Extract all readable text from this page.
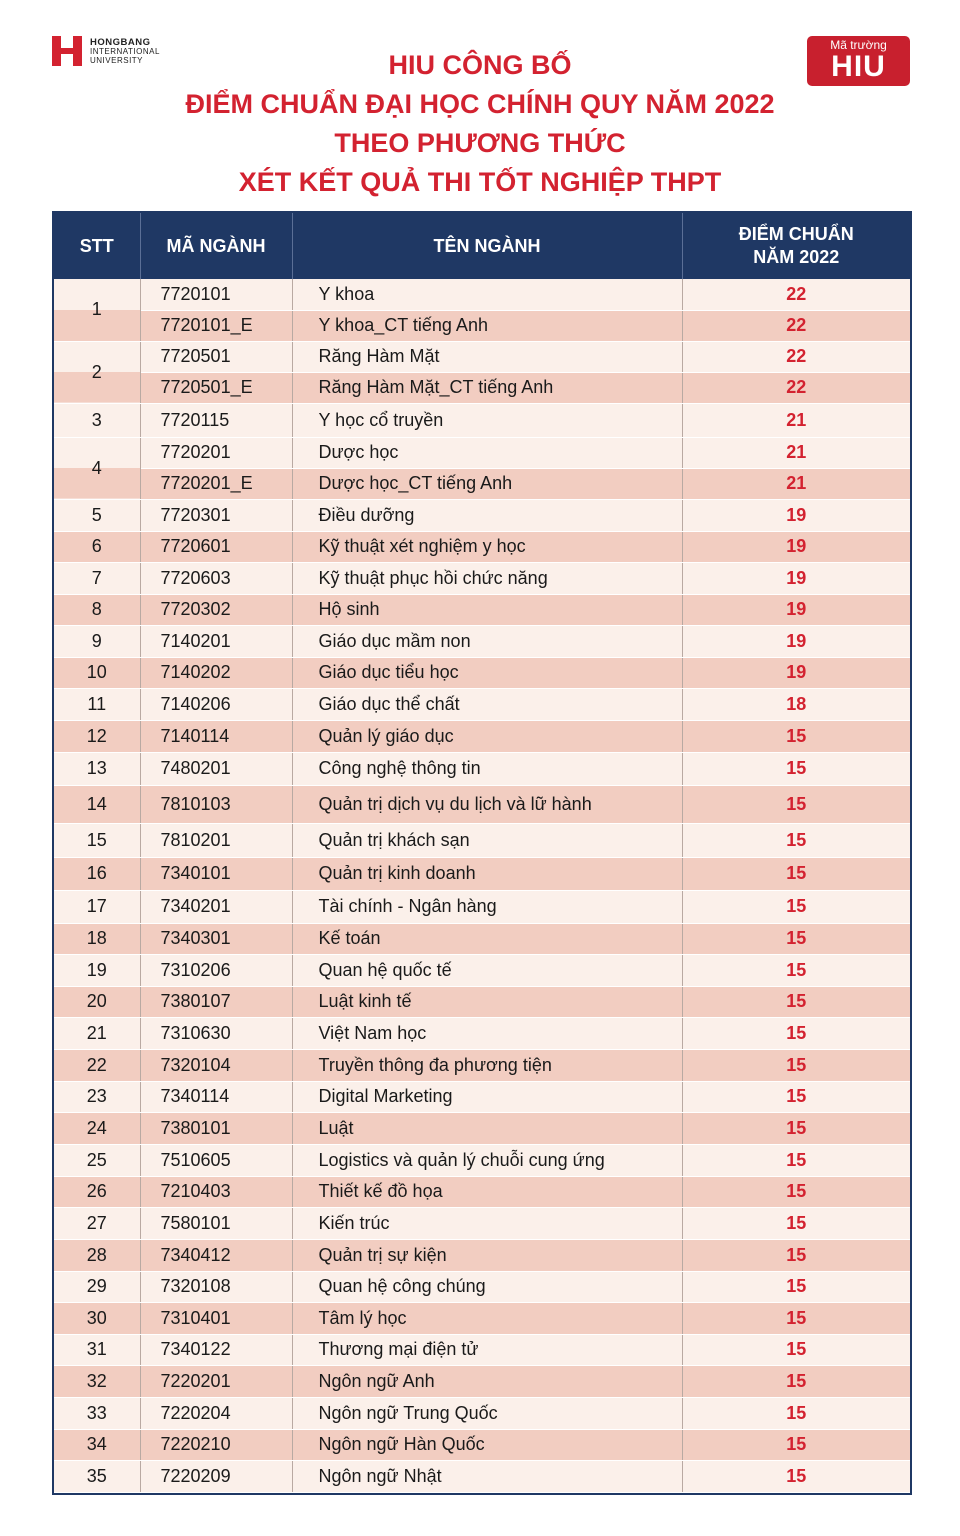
HONGBANG
INTERNATIONAL
UNIVERSITY
Mã trường
HIU
HIU CÔNG BỐ
ĐIỂM CHUẨN ĐẠI HỌC CHÍNH QUY NĂM 2022
THEO PHƯƠNG THỨC
XÉT KẾT QUẢ THI TỐT NGHIỆP THPT
STT	MÃ NGÀNH	TÊN NGÀNH	ĐIỂM CHUẨN
NĂM 2022

1	7720101	Y khoa	22
	7720101_E	Y khoa_CT tiếng Anh	22
2	7720501	Răng Hàm Mặt	22
	7720501_E	Răng Hàm Mặt_CT tiếng Anh	22
3	7720115	Y học cổ truyền	21
4	7720201	Dược học	21
	7720201_E	Dược học_CT tiếng Anh	21
5	7720301	Điều dưỡng	19
6	7720601	Kỹ thuật xét nghiệm y học	19
7	7720603	Kỹ thuật phục hồi chức năng	19
8	7720302	Hộ sinh	19
9	7140201	Giáo dục mầm non	19
10	7140202	Giáo dục tiểu học	19
11	7140206	Giáo dục thể chất	18
12	7140114	Quản lý giáo dục	15
13	7480201	Công nghệ thông tin	15
14	7810103	Quản trị dịch vụ du lịch và lữ hành	15
15	7810201	Quản trị khách sạn	15
16	7340101	Quản trị kinh doanh	15
17	7340201	Tài chính - Ngân hàng	15
18	7340301	Kế toán	15
19	7310206	Quan hệ quốc tế	15
20	7380107	Luật kinh tế	15
21	7310630	Việt Nam học	15
22	7320104	Truyền thông đa phương tiện	15
23	7340114	Digital Marketing	15
24	7380101	Luật	15
25	7510605	Logistics và quản lý chuỗi cung ứng	15
26	7210403	Thiết kế đồ họa	15
27	7580101	Kiến trúc	15
28	7340412	Quản trị sự kiện	15
29	7320108	Quan hệ công chúng	15
30	7310401	Tâm lý học	15
31	7340122	Thương mại điện tử	15
32	7220201	Ngôn ngữ Anh	15
33	7220204	Ngôn ngữ Trung Quốc	15
34	7220210	Ngôn ngữ Hàn Quốc	15
35	7220209	Ngôn ngữ Nhật	15
